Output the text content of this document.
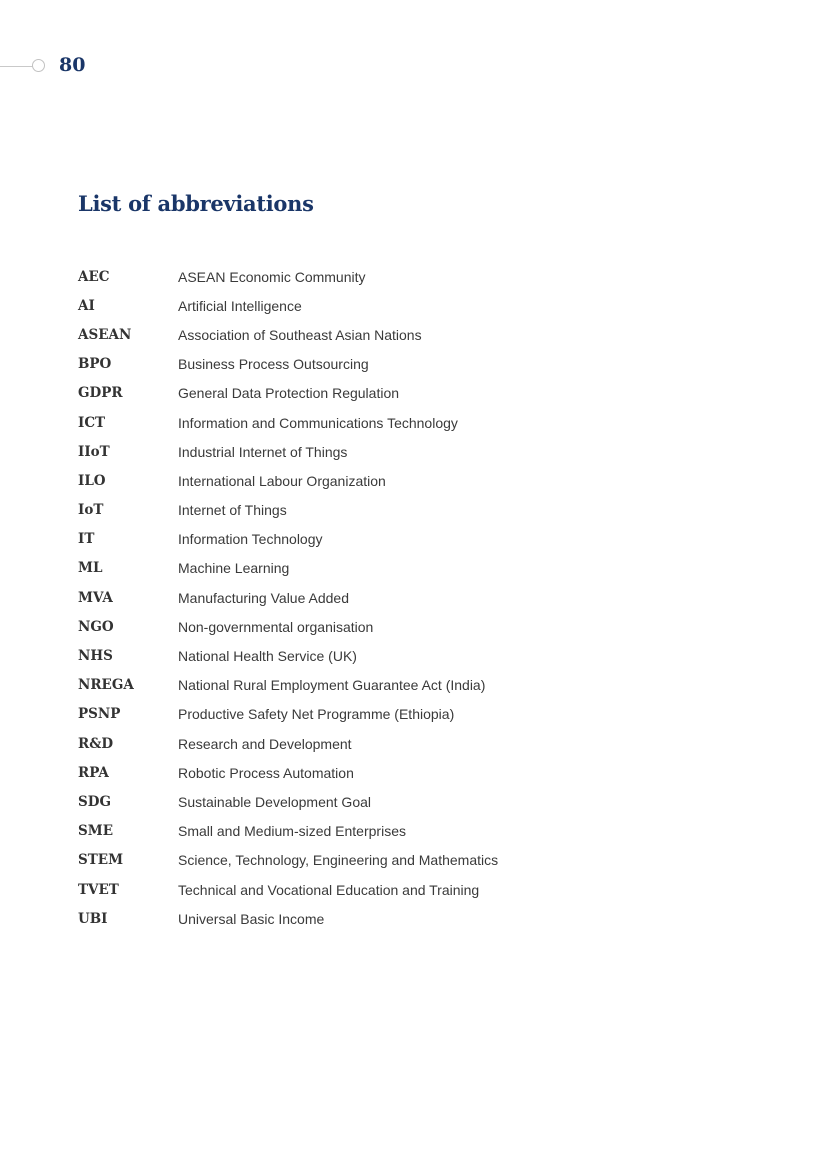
80
List of abbreviations
AEC	ASEAN Economic Community
AI	Artificial Intelligence
ASEAN	Association of Southeast Asian Nations
BPO	Business Process Outsourcing
GDPR	General Data Protection Regulation
ICT	Information and Communications Technology
IIoT	Industrial Internet of Things
ILO	International Labour Organization
IoT	Internet of Things
IT	Information Technology
ML	Machine Learning
MVA	Manufacturing Value Added
NGO	Non-governmental organisation
NHS	National Health Service (UK)
NREGA	National Rural Employment Guarantee Act (India)
PSNP	Productive Safety Net Programme (Ethiopia)
R&D	Research and Development
RPA	Robotic Process Automation
SDG	Sustainable Development Goal
SME	Small and Medium-sized Enterprises
STEM	Science, Technology, Engineering and Mathematics
TVET	Technical and Vocational Education and Training
UBI	Universal Basic Income
